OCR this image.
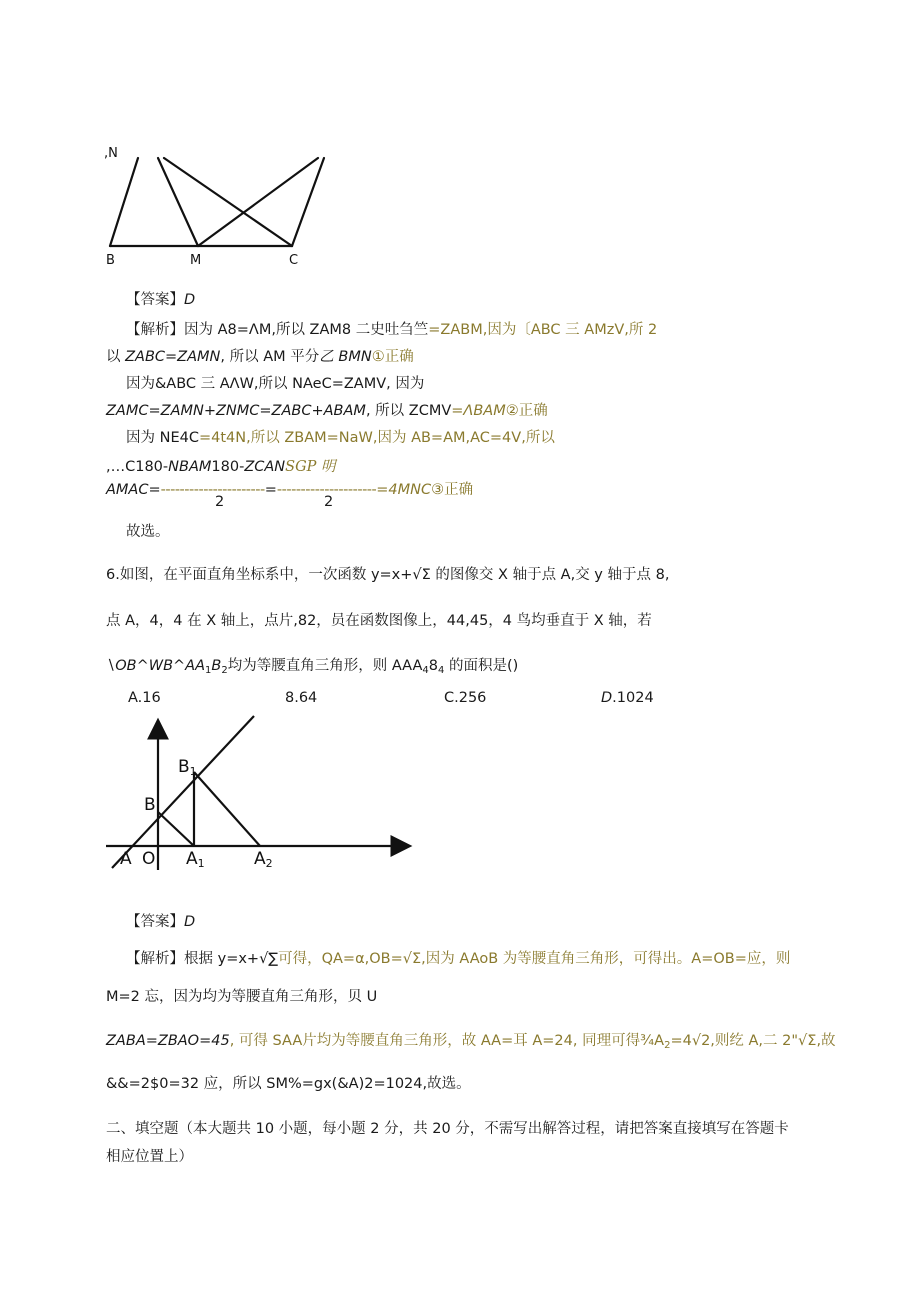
,N
B	M	C
【答案】D
【解析】因为 A8=ΛM,所以 ZAM8 二史吐刍竺=ZABM,因为〔ABC 三 AMzV,所 2
以 ZABC=ZAMN, 所以 AM 平分乙 BMN①正确
因为&ABC 三 AΛW,所以 NAeC=ZAMV, 因为
ZAMC=ZAMN+ZNMC=ZABC+ABAM, 所以 ZCMV=ΛBAM②正确
因为 NE4C=4t4N,所以 ZBAM=NaW,因为 AB=AM,AC=4V,所以
,…C180-NBAM180-ZCANSGP 明
AMAC=----------------------=---------------------=4MNC③正确
2	2
故选。
6.如图，在平面直角坐标系中，一次函数 y=x+√Σ 的图像交 X 轴于点 A,交 y 轴于点 8,
点 A，4，4 在 X 轴上，点片,82，员在函数图像上，44,45，4 鸟均垂直于 X 轴，若
$∖OB\^{}WB\^{}AA_1B_2$均为等腰直角三角形，则 $AAA_48_4$ 的面积是()
A.16	8.64	C.256	D.1024
B1
B
A O A1	A2
【答案】D
【解析】根据 y=x+√∑可得，QA=α,OB=√Σ,因为 AAoB 为等腰直角三角形，可得出。A=OB=应，则
M=2 忘，因为均为等腰直角三角形，贝 U
ZABA=ZBAO=45, 可得 SAA片均为等腰直角三角形，故 AA=耳 A=24, 同理可得$\frac{3}{4}A_2=4√2$,则纥 A,二 2"√Σ,故
&&=2$0=32 应，所以 SM%=gx(&A)2=1024,故选。
二、填空题（本大题共 10 小题，每小题 2 分，共 20 分，不需写出解答过程，请把答案直接填写在答题卡
相应位置上）
